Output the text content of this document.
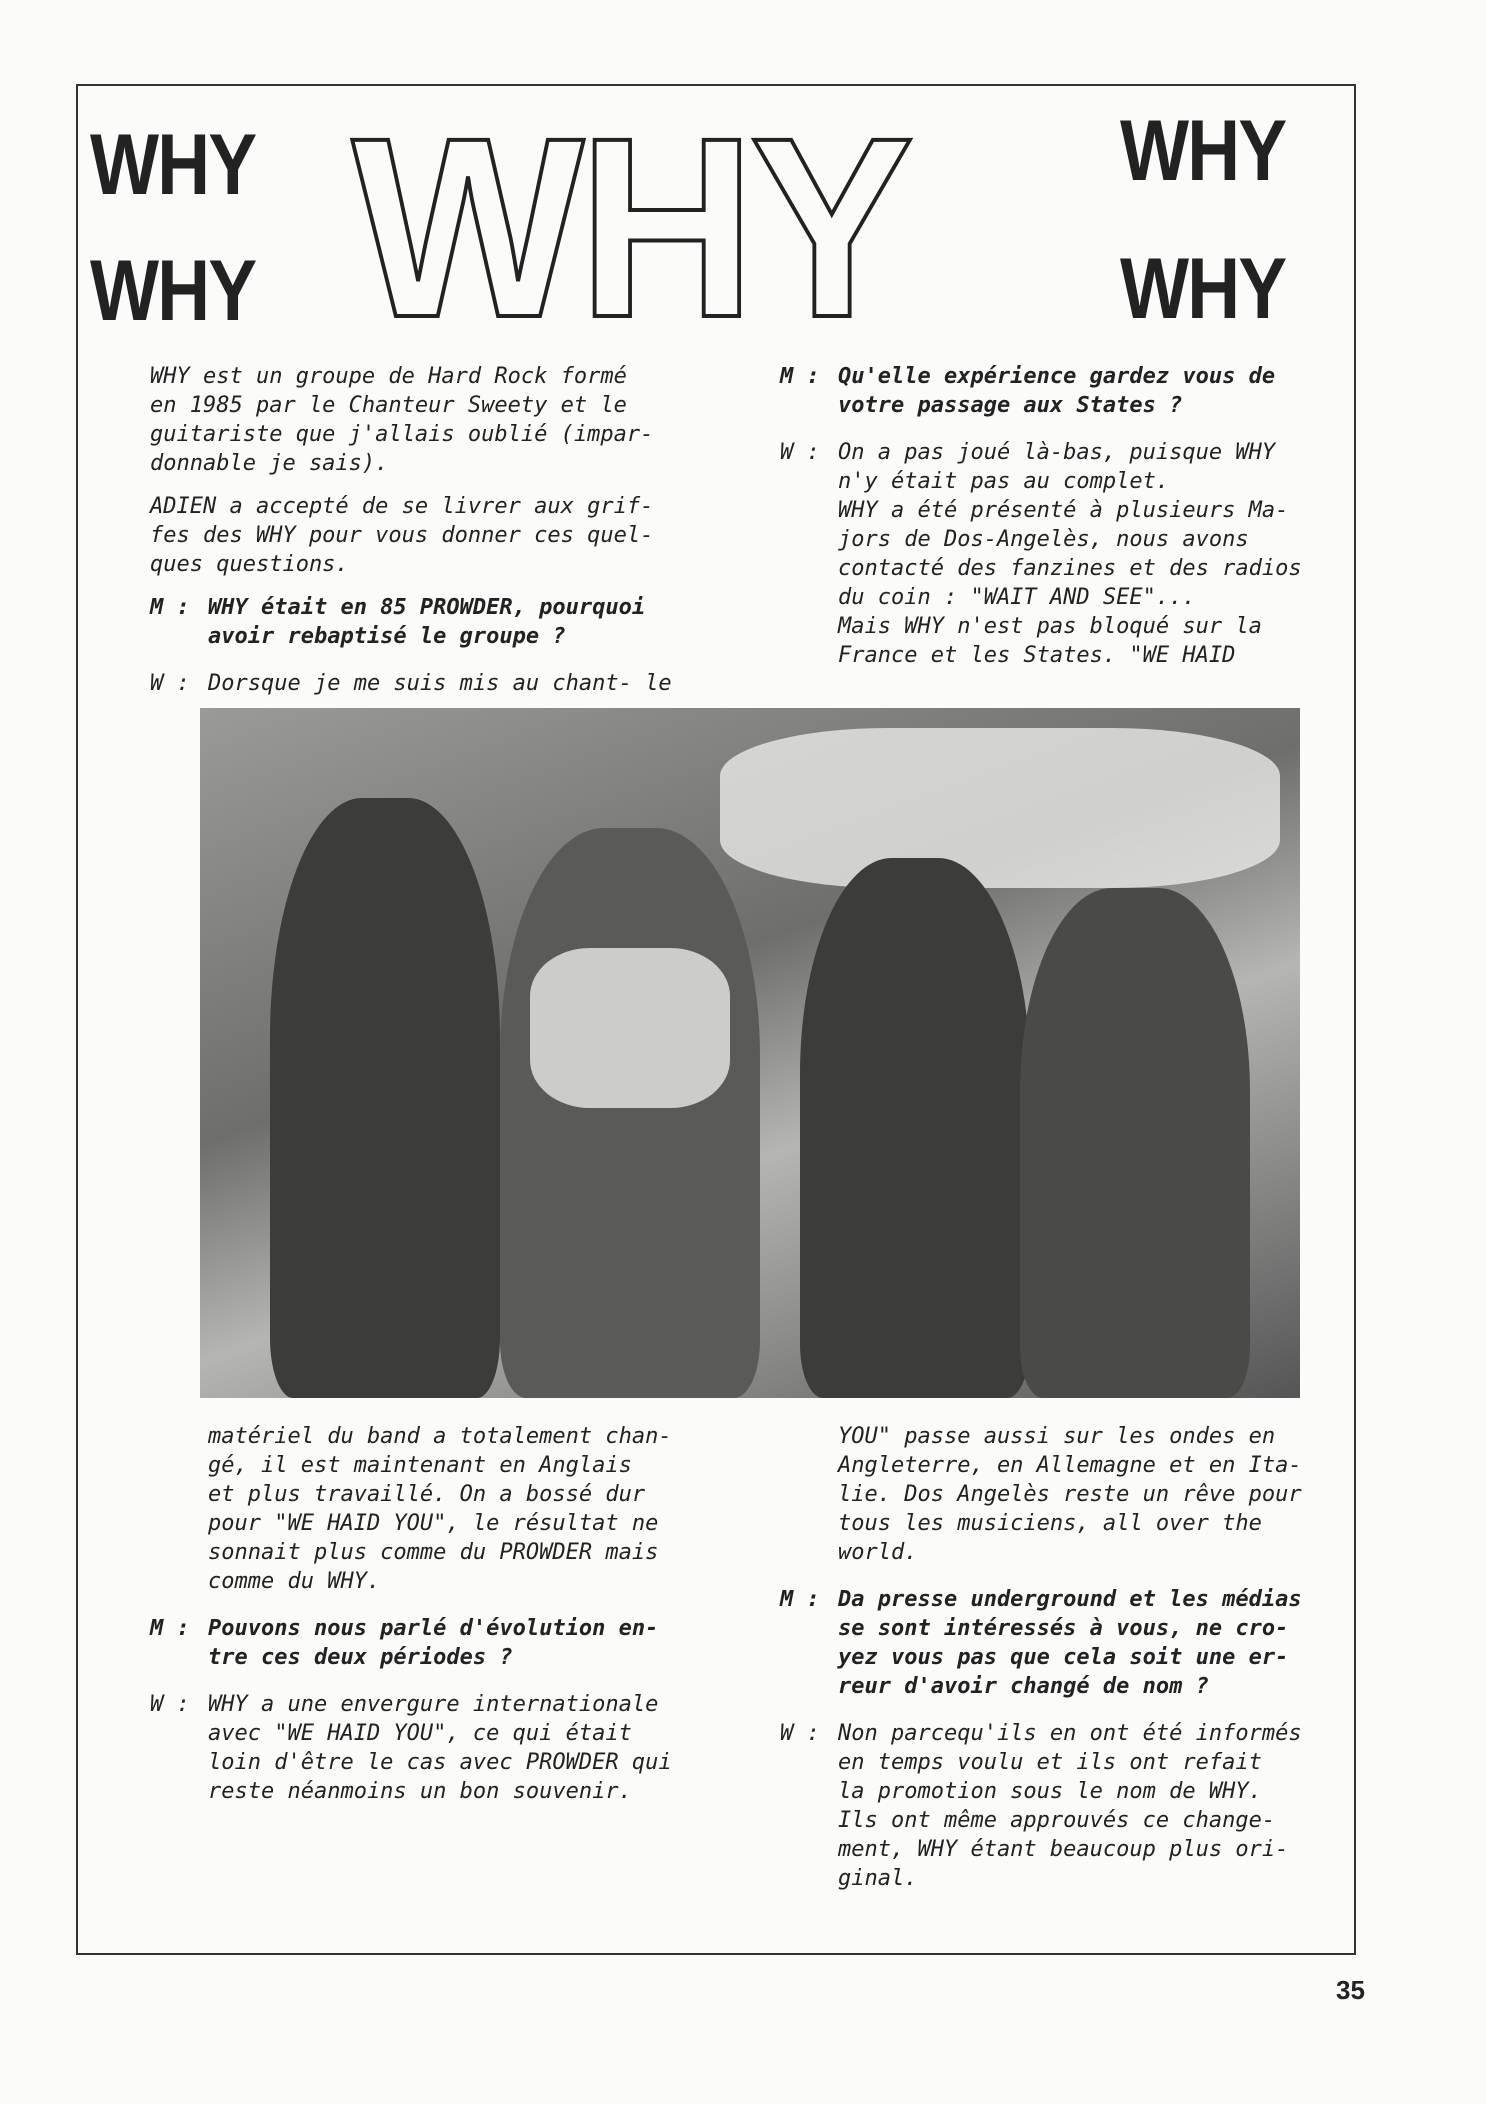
WHY
WHY
WHY
WHY
WHY

WHY est un groupe de Hard Rock formé
en 1985 par le Chanteur Sweety et le
guitariste que j'allais oublié (impar-
donnable je sais).

ADIEN a accepté de se livrer aux grif-
fes des WHY pour vous donner ces quel-
ques questions.

M : WHY était en 85 PROWDER, pourquoi
avoir rebaptisé le groupe ?
W : Dorsque je me suis mis au chant- le
M : Qu'elle expérience gardez vous de
votre passage aux States ?
W : On a pas joué là-bas, puisque WHY
n'y était pas au complet.
WHY a été présenté à plusieurs Ma-
jors de Dos-Angelès, nous avons
contacté des fanzines et des radios
du coin : "WAIT AND SEE"...
Mais WHY n'est pas bloqué sur la
France et les States. "WE HAID
matériel du band a totalement chan-
gé, il est maintenant en Anglais
et plus travaillé. On a bossé dur
pour "WE HAID YOU", le résultat ne
sonnait plus comme du PROWDER mais
comme du WHY.
M : Pouvons nous parlé d'évolution en-
tre ces deux périodes ?
W : WHY a une envergure internationale
avec "WE HAID YOU", ce qui était
loin d'être le cas avec PROWDER qui
reste néanmoins un bon souvenir.
YOU" passe aussi sur les ondes en
Angleterre, en Allemagne et en Ita-
lie. Dos Angelès reste un rêve pour
tous les musiciens, all over the
world.
M : Da presse underground et les médias
se sont intéressés à vous, ne cro-
yez vous pas que cela soit une er-
reur d'avoir changé de nom ?
W : Non parcequ'ils en ont été informés
en temps voulu et ils ont refait
la promotion sous le nom de WHY.
Ils ont même approuvés ce change-
ment, WHY étant beaucoup plus ori-
ginal.
35
